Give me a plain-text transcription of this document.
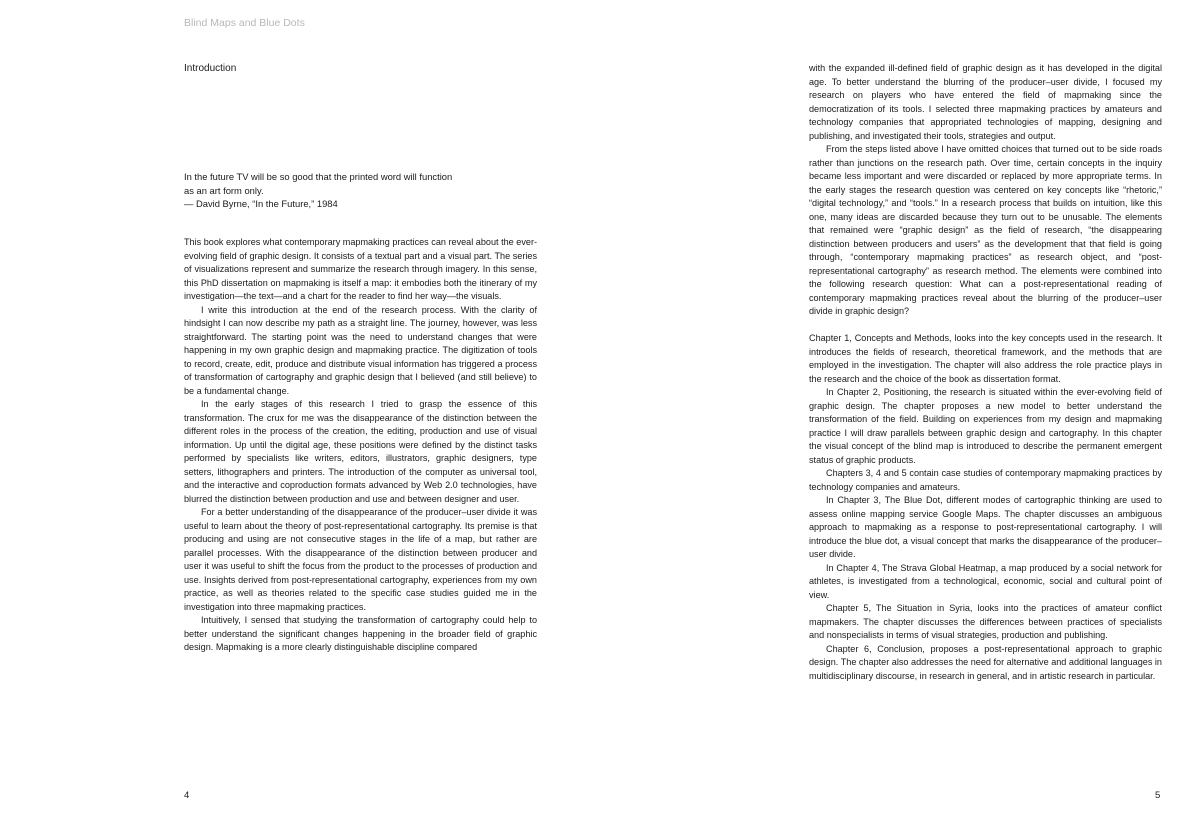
Blind Maps and Blue Dots
Introduction
In the future TV will be so good that the printed word will function
as an art form only.
— David Byrne, “In the Future,” 1984

This book explores what contemporary mapmaking practices can reveal about the ever-evolving field of graphic design. It consists of a textual part and a visual part. The series of visualizations represent and summarize the research through imagery. In this sense, this PhD dissertation on mapmaking is itself a map: it embodies both the itinerary of my investigation—the text—and a chart for the reader to find her way—the visuals.

I write this introduction at the end of the research process. With the clarity of hindsight I can now describe my path as a straight line. The journey, however, was less straightforward. The starting point was the need to understand changes that were happening in my own graphic design and mapmaking practice. The digitization of tools to record, create, edit, produce and distribute visual information has triggered a process of transformation of cartography and graphic design that I believed (and still believe) to be a fundamental change.

In the early stages of this research I tried to grasp the essence of this transformation. The crux for me was the disappearance of the distinction between the different roles in the process of the creation, the editing, production and use of visual information. Up until the digital age, these positions were defined by the distinct tasks performed by specialists like writers, editors, illustrators, graphic designers, type setters, lithographers and printers. The introduction of the computer as universal tool, and the interactive and coproduction formats advanced by Web 2.0 technologies, have blurred the distinction between production and use and between designer and user.

For a better understanding of the disappearance of the producer–user divide it was useful to learn about the theory of post-representational cartography. Its premise is that producing and using are not consecutive stages in the life of a map, but rather are parallel processes. With the disappearance of the distinction between producer and user it was useful to shift the focus from the product to the processes of production and use. Insights derived from post-representational cartography, experiences from my own practice, as well as theories related to the specific case studies guided me in the investigation into three mapmaking practices.

Intuitively, I sensed that studying the transformation of cartography could help to better understand the significant changes happening in the broader field of graphic design. Mapmaking is a more clearly distinguishable discipline compared

with the expanded ill-defined field of graphic design as it has developed in the digital age. To better understand the blurring of the producer–user divide, I focused my research on players who have entered the field of mapmaking since the democratization of its tools. I selected three mapmaking practices by amateurs and technology companies that appropriated technologies of mapping, designing and publishing, and investigated their tools, strategies and output.

From the steps listed above I have omitted choices that turned out to be side roads rather than junctions on the research path. Over time, certain concepts in the inquiry became less important and were discarded or replaced by more appropriate terms. In the early stages the research question was centered on key concepts like “rhetoric,” “digital technology,” and “tools.” In a research process that builds on intuition, like this one, many ideas are discarded because they turn out to be unusable. The elements that remained were “graphic design” as the field of research, “the disappearing distinction between producers and users” as the development that that field is going through, “contemporary mapmaking practices” as research object, and “post-representational cartography” as research method. The elements were combined into the following research question: What can a post-representational reading of contemporary mapmaking practices reveal about the blurring of the producer–user divide in graphic design?

Chapter 1, Concepts and Methods, looks into the key concepts used in the research. It introduces the fields of research, theoretical framework, and the methods that are employed in the investigation. The chapter will also address the role practice plays in the research and the choice of the book as dissertation format.

In Chapter 2, Positioning, the research is situated within the ever-evolving field of graphic design. The chapter proposes a new model to better understand the transformation of the field. Building on experiences from my design and mapmaking practice I will draw parallels between graphic design and cartography. In this chapter the visual concept of the blind map is introduced to describe the permanent emergent status of graphic products.

Chapters 3, 4 and 5 contain case studies of contemporary mapmaking practices by technology companies and amateurs.

In Chapter 3, The Blue Dot, different modes of cartographic thinking are used to assess online mapping service Google Maps. The chapter discusses an ambiguous approach to mapmaking as a response to post-representational cartography. I will introduce the blue dot, a visual concept that marks the disappearance of the producer–user divide.

In Chapter 4, The Strava Global Heatmap, a map produced by a social network for athletes, is investigated from a technological, economic, social and cultural point of view.

Chapter 5, The Situation in Syria, looks into the practices of amateur conflict mapmakers. The chapter discusses the differences between practices of specialists and nonspecialists in terms of visual strategies, production and publishing.

Chapter 6, Conclusion, proposes a post-representational approach to graphic design. The chapter also addresses the need for alternative and additional languages in multidisciplinary discourse, in research in general, and in artistic research in particular.

4	5
